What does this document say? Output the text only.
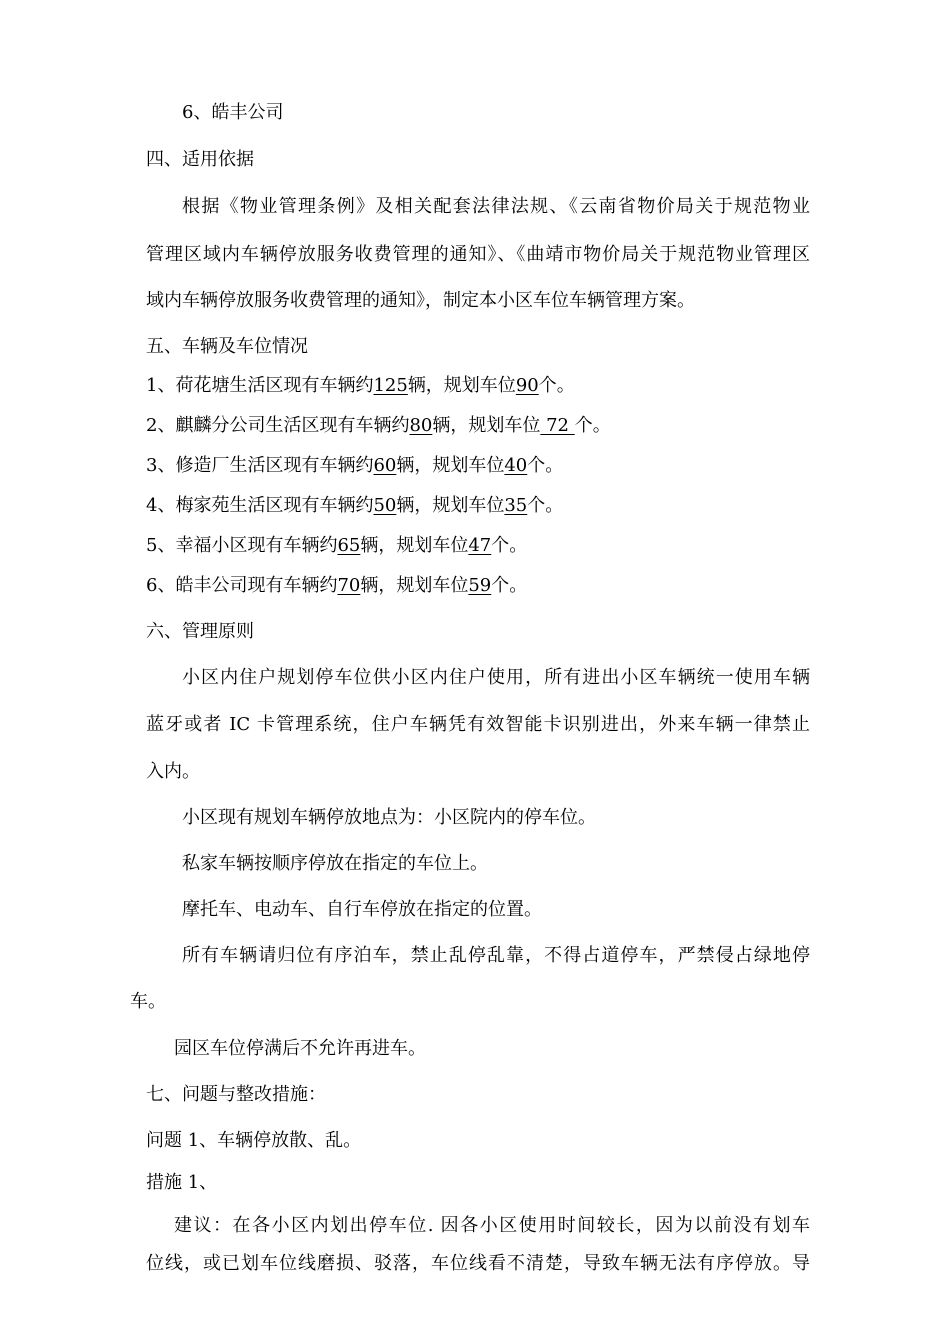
6、皓丰公司
四、适用依据
根据《物业管理条例》及相关配套法律法规、《云南省物价局关于规范物业
管理区域内车辆停放服务收费管理的通知》、《曲靖市物价局关于规范物业管理区
域内车辆停放服务收费管理的通知》，制定本小区车位车辆管理方案。
五、车辆及车位情况
1、荷花塘生活区现有车辆约125辆，规划车位90个。
2、麒麟分公司生活区现有车辆约80辆，规划车位 72 个。
3、修造厂生活区现有车辆约60辆，规划车位40个。
4、梅家苑生活区现有车辆约50辆，规划车位35个。
5、幸福小区现有车辆约65辆，规划车位47个。
6、皓丰公司现有车辆约70辆，规划车位59个。
六、管理原则
小区内住户规划停车位供小区内住户使用，所有进出小区车辆统一使用车辆
蓝牙或者 IC 卡管理系统，住户车辆凭有效智能卡识别进出，外来车辆一律禁止
入内。
小区现有规划车辆停放地点为：小区院内的停车位。
私家车辆按顺序停放在指定的车位上。
摩托车、电动车、自行车停放在指定的位置。
所有车辆请归位有序泊车，禁止乱停乱靠，不得占道停车，严禁侵占绿地停
车。
园区车位停满后不允许再进车。
七、问题与整改措施：
问题 1、车辆停放散、乱。
措施 1、
建议：在各小区内划出停车位. 因各小区使用时间较长，因为以前没有划车
位线，或已划车位线磨损、驳落，车位线看不清楚，导致车辆无法有序停放。导
